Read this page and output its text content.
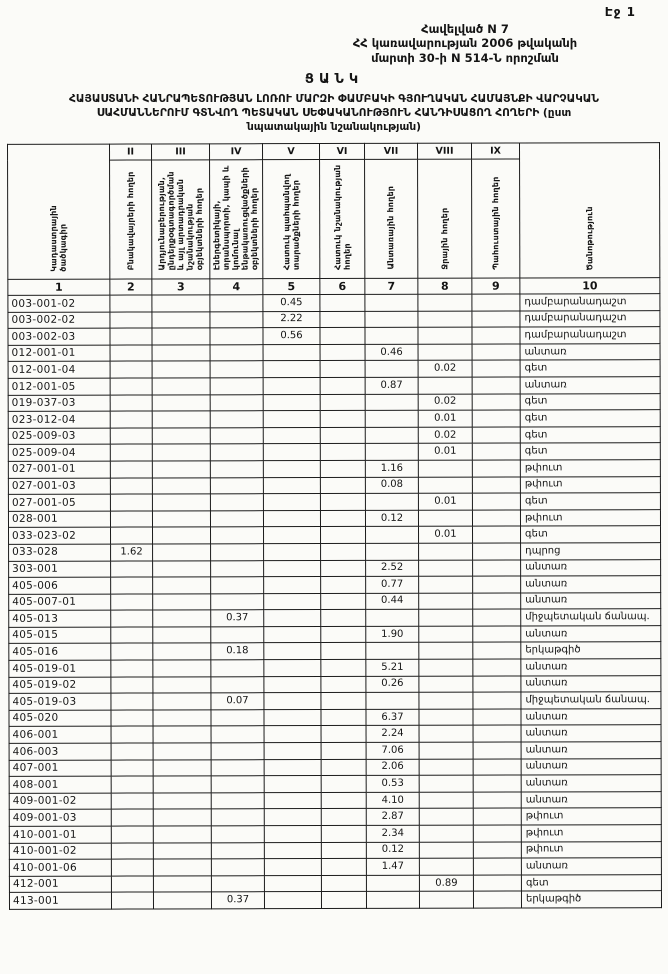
Էջ 1
Հավելված N 7
ՀՀ կառավարության 2006 թվականի
մարտի 30-ի N 514-Ն որոշման
ՑԱՆԿ
ՀԱՅԱՍՏԱՆԻ ՀԱՆՐԱՊԵՏՈՒԹՅԱՆ ԼՈՌՈՒ ՄԱՐԶԻ ՓԱՄԲԱԿԻ ԳՅՈՒՂԱԿԱՆ ՀԱՄԱՅՆՔԻ ՎԱՐՉԱԿԱՆ
ՍԱՀՄԱՆՆԵՐՈՒՄ ԳՏՆՎՈՂ ՊԵՏԱԿԱՆ ՍԵՓԱԿԱՆՈՒԹՅՈՒՆ ՀԱՆԴԻՍԱՑՈՂ ՀՈՂԵՐԻ (ըստ
նպատակային նշանակության)
Կադաստրային ծածկագիր	II	III	IV	V	VI	VII	VIII	IX	Ծանոթություն
	Բնակավայրերի հողեր	Արդյունաբերության, ընդերքօգտագործման և այլ արտադրական նշանակության օբյեկտների հողեր	Էներգետիկայի, տրանսպորտի, կապի և կոմունալ ենթակառուցվածքների օբյեկտների հողեր	Հատուկ պահպանվող տարածքների հողեր	Հատուկ նշանակության հողեր	Անտառային հողեր	Ջրային հողեր	Պահուստային հողեր	
1	2	3	4	5	6	7	8	9	10
003-001-02				0.45					դամբարանադաշտ
003-002-02				2.22					դամբարանադաշտ
003-002-03				0.56					դամբարանադաշտ
012-001-01						0.46			անտառ
012-001-04							0.02		գետ
012-001-05						0.87			անտառ
019-037-03							0.02		գետ
023-012-04							0.01		գետ
025-009-03							0.02		գետ
025-009-04							0.01		գետ
027-001-01						1.16			թփուտ
027-001-03						0.08			թփուտ
027-001-05							0.01		գետ
028-001						0.12			թփուտ
033-023-02							0.01		գետ
033-028	1.62								դպրոց
303-001						2.52			անտառ
405-006						0.77			անտառ
405-007-01						0.44			անտառ
405-013			0.37						միջպետական ճանապ.
405-015						1.90			անտառ
405-016			0.18						երկաթգիծ
405-019-01						5.21			անտառ
405-019-02						0.26			անտառ
405-019-03			0.07						միջպետական ճանապ.
405-020						6.37			անտառ
406-001						2.24			անտառ
406-003						7.06			անտառ
407-001						2.06			անտառ
408-001						0.53			անտառ
409-001-02						4.10			անտառ
409-001-03						2.87			թփուտ
410-001-01						2.34			թփուտ
410-001-02						0.12			թփուտ
410-001-06						1.47			անտառ
412-001							0.89		գետ
413-001			0.37						երկաթգիծ
